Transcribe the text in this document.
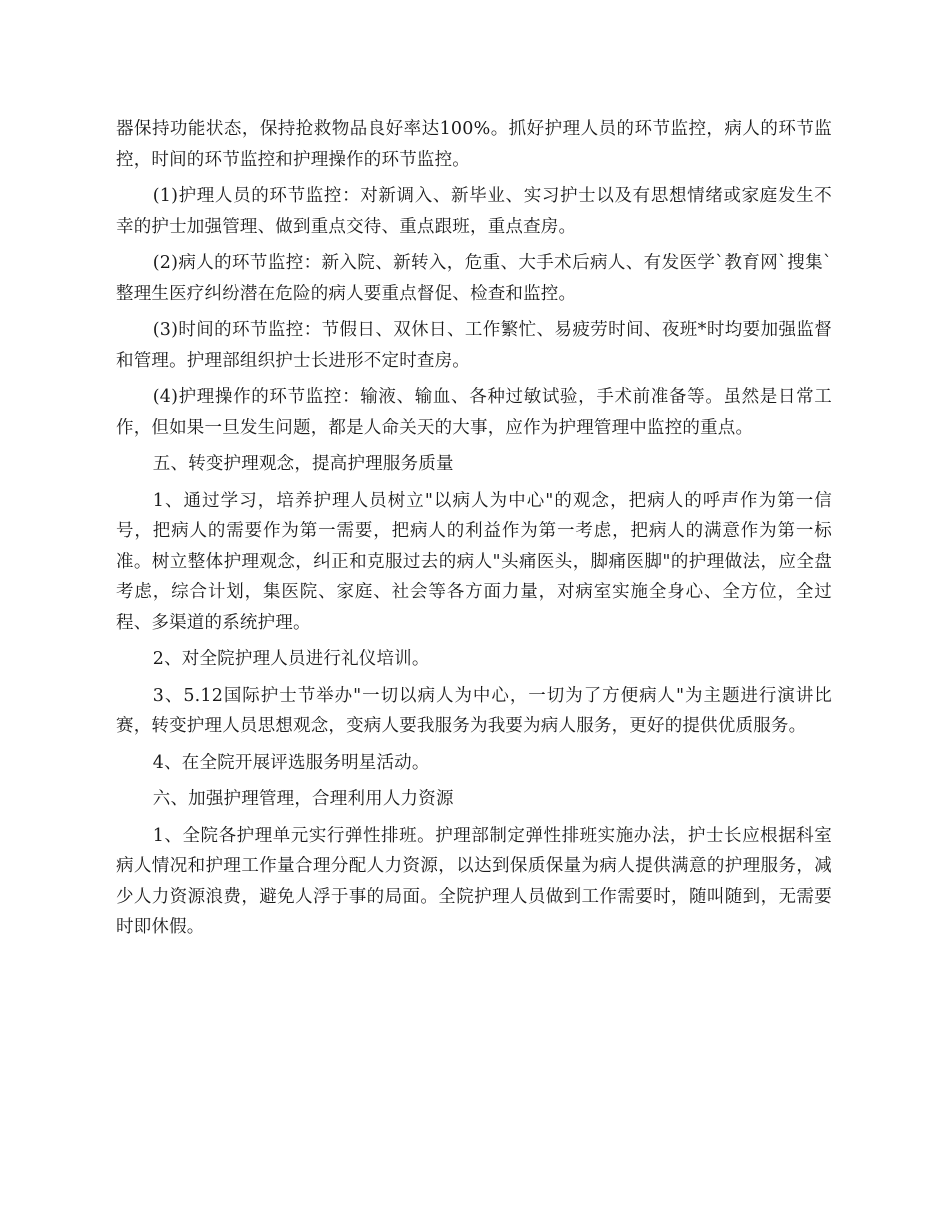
器保持功能状态，保持抢救物品良好率达100%。抓好护理人员的环节监控，病人的环节监控，时间的环节监控和护理操作的环节监控。

(1)护理人员的环节监控：对新调入、新毕业、实习护士以及有思想情绪或家庭发生不幸的护士加强管理、做到重点交待、重点跟班，重点查房。

(2)病人的环节监控：新入院、新转入，危重、大手术后病人、有发医学`教育网`搜集`整理生医疗纠纷潜在危险的病人要重点督促、检查和监控。

(3)时间的环节监控：节假日、双休日、工作繁忙、易疲劳时间、夜班*时均要加强监督和管理。护理部组织护士长进形不定时查房。

(4)护理操作的环节监控：输液、输血、各种过敏试验，手术前准备等。虽然是日常工作，但如果一旦发生问题，都是人命关天的大事，应作为护理管理中监控的重点。

五、转变护理观念，提高护理服务质量

1、通过学习，培养护理人员树立"以病人为中心"的观念，把病人的呼声作为第一信号，把病人的需要作为第一需要，把病人的利益作为第一考虑，把病人的满意作为第一标准。树立整体护理观念，纠正和克服过去的病人"头痛医头，脚痛医脚"的护理做法，应全盘考虑，综合计划，集医院、家庭、社会等各方面力量，对病室实施全身心、全方位，全过程、多渠道的系统护理。

2、对全院护理人员进行礼仪培训。

3、5.12国际护士节举办"一切以病人为中心，一切为了方便病人"为主题进行演讲比赛，转变护理人员思想观念，变病人要我服务为我要为病人服务，更好的提供优质服务。

4、在全院开展评选服务明星活动。

六、加强护理管理，合理利用人力资源

1、全院各护理单元实行弹性排班。护理部制定弹性排班实施办法，护士长应根据科室病人情况和护理工作量合理分配人力资源，以达到保质保量为病人提供满意的护理服务，减少人力资源浪费，避免人浮于事的局面。全院护理人员做到工作需要时，随叫随到，无需要时即休假。
